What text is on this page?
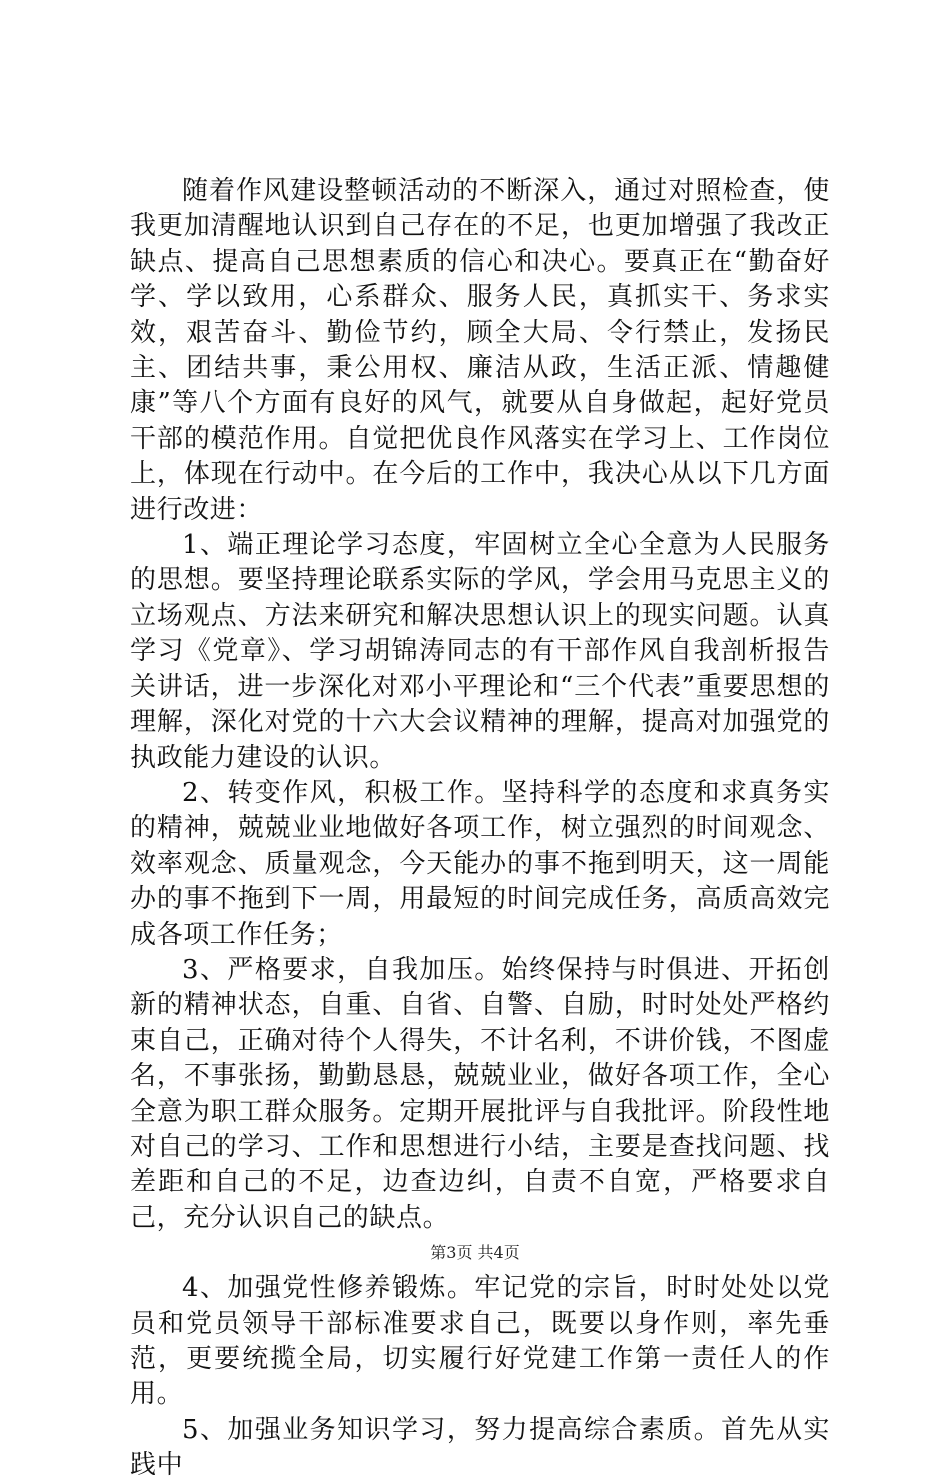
随着作风建设整顿活动的不断深入，通过对照检查，使我更加清醒地认识到自己存在的不足，也更加增强了我改正缺点、提高自己思想素质的信心和决心。要真正在“勤奋好学、学以致用，心系群众、服务人民，真抓实干、务求实效，艰苦奋斗、勤俭节约，顾全大局、令行禁止，发扬民主、团结共事，秉公用权、廉洁从政，生活正派、情趣健康”等八个方面有良好的风气，就要从自身做起，起好党员干部的模范作用。自觉把优良作风落实在学习上、工作岗位上，体现在行动中。在今后的工作中，我决心从以下几方面进行改进：

1、端正理论学习态度，牢固树立全心全意为人民服务的思想。要坚持理论联系实际的学风，学会用马克思主义的立场观点、方法来研究和解决思想认识上的现实问题。认真学习《党章》、学习胡锦涛同志的有干部作风自我剖析报告关讲话，进一步深化对邓小平理论和“三个代表”重要思想的理解，深化对党的十六大会议精神的理解，提高对加强党的执政能力建设的认识。

2、转变作风，积极工作。坚持科学的态度和求真务实的精神，兢兢业业地做好各项工作，树立强烈的时间观念、效率观念、质量观念，今天能办的事不拖到明天，这一周能办的事不拖到下一周，用最短的时间完成任务，高质高效完成各项工作任务；

3、严格要求，自我加压。始终保持与时俱进、开拓创新的精神状态，自重、自省、自警、自励，时时处处严格约束自己，正确对待个人得失，不计名利，不讲价钱，不图虚名，不事张扬，勤勤恳恳，兢兢业业，做好各项工作，全心全意为职工群众服务。定期开展批评与自我批评。阶段性地对自己的学习、工作和思想进行小结，主要是查找问题、找差距和自己的不足，边查边纠，自责不自宽，严格要求自己，充分认识自己的缺点。

4、加强党性修养锻炼。牢记党的宗旨，时时处处以党员和党员领导干部标准要求自己，既要以身作则，率先垂范，更要统揽全局，切实履行好党建工作第一责任人的作用。

5、加强业务知识学习，努力提高综合素质。首先从实践中

第3页 共4页
